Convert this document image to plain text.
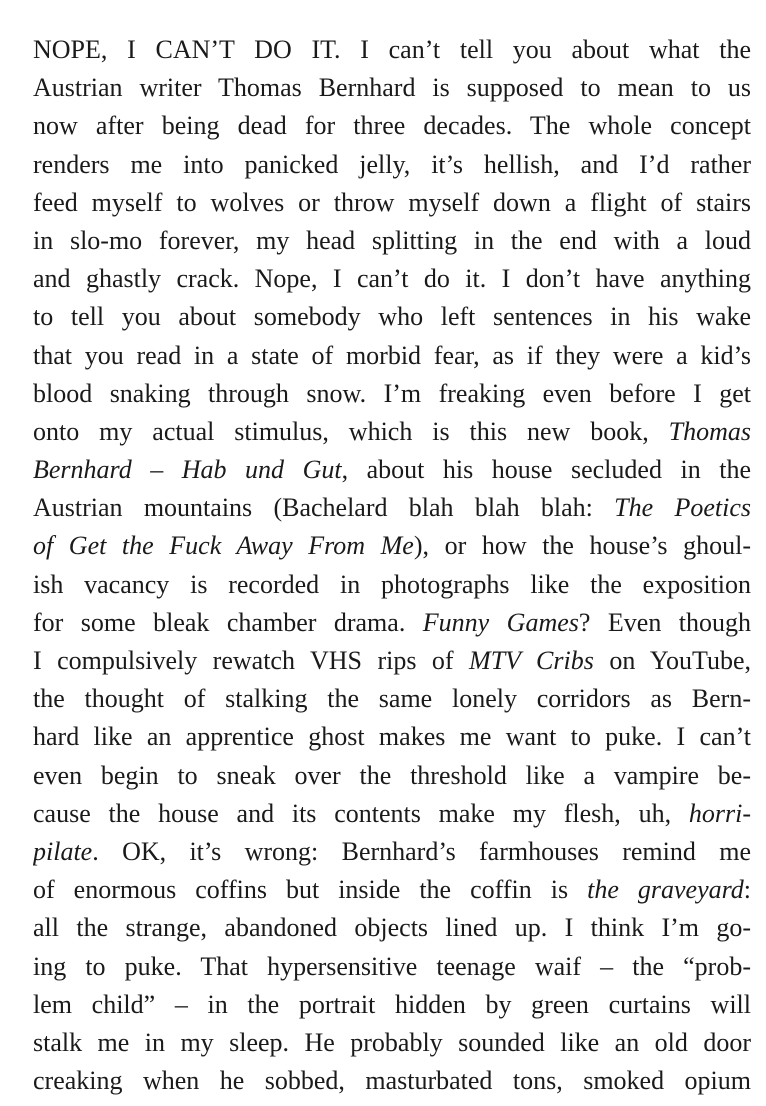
NOPE, I CAN’T DO IT. I can’t tell you about what the
Austrian writer Thomas Bernhard is supposed to mean to us
now after being dead for three decades. The whole concept
renders me into panicked jelly, it’s hellish, and I’d rather
feed myself to wolves or throw myself down a flight of stairs
in slo-mo forever, my head splitting in the end with a loud
and ghastly crack. Nope, I can’t do it. I don’t have anything
to tell you about somebody who left sentences in his wake
that you read in a state of morbid fear, as if they were a kid’s
blood snaking through snow. I’m freaking even before I get
onto my actual stimulus, which is this new book, Thomas
Bernhard – Hab und Gut, about his house secluded in the
Austrian mountains (Bachelard blah blah blah: The Poetics
of Get the Fuck Away From Me), or how the house’s ghoul-
ish vacancy is recorded in photographs like the exposition
for some bleak chamber drama. Funny Games? Even though
I compulsively rewatch VHS rips of MTV Cribs on YouTube,
the thought of stalking the same lonely corridors as Bern-
hard like an apprentice ghost makes me want to puke. I can’t
even begin to sneak over the threshold like a vampire be-
cause the house and its contents make my flesh, uh, horri-
pilate. OK, it’s wrong: Bernhard’s farmhouses remind me
of enormous coffins but inside the coffin is the graveyard:
all the strange, abandoned objects lined up. I think I’m go-
ing to puke. That hypersensitive teenage waif – the “prob-
lem child” – in the portrait hidden by green curtains will
stalk me in my sleep. He probably sounded like an old door
creaking when he sobbed, masturbated tons, smoked opium
